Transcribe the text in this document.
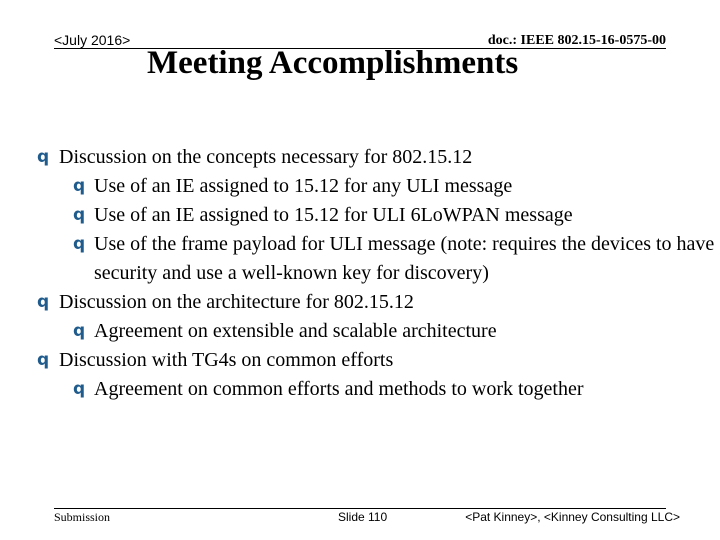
<July 2016>	doc.: IEEE 802.15-16-0575-00
Meeting Accomplishments
q Discussion on the concepts necessary for 802.15.12
q Use of an IE assigned to 15.12 for any ULI message
q Use of an IE assigned to 15.12 for ULI 6LoWPAN message
q Use of the frame payload for ULI message (note: requires the devices to have security and use a well-known key for discovery)
q Discussion on the architecture for 802.15.12
q Agreement on extensible and scalable architecture
q Discussion with TG4s on common efforts
q Agreement on common efforts and methods to work together
Submission	Slide 110	<Pat Kinney>, <Kinney Consulting LLC>
